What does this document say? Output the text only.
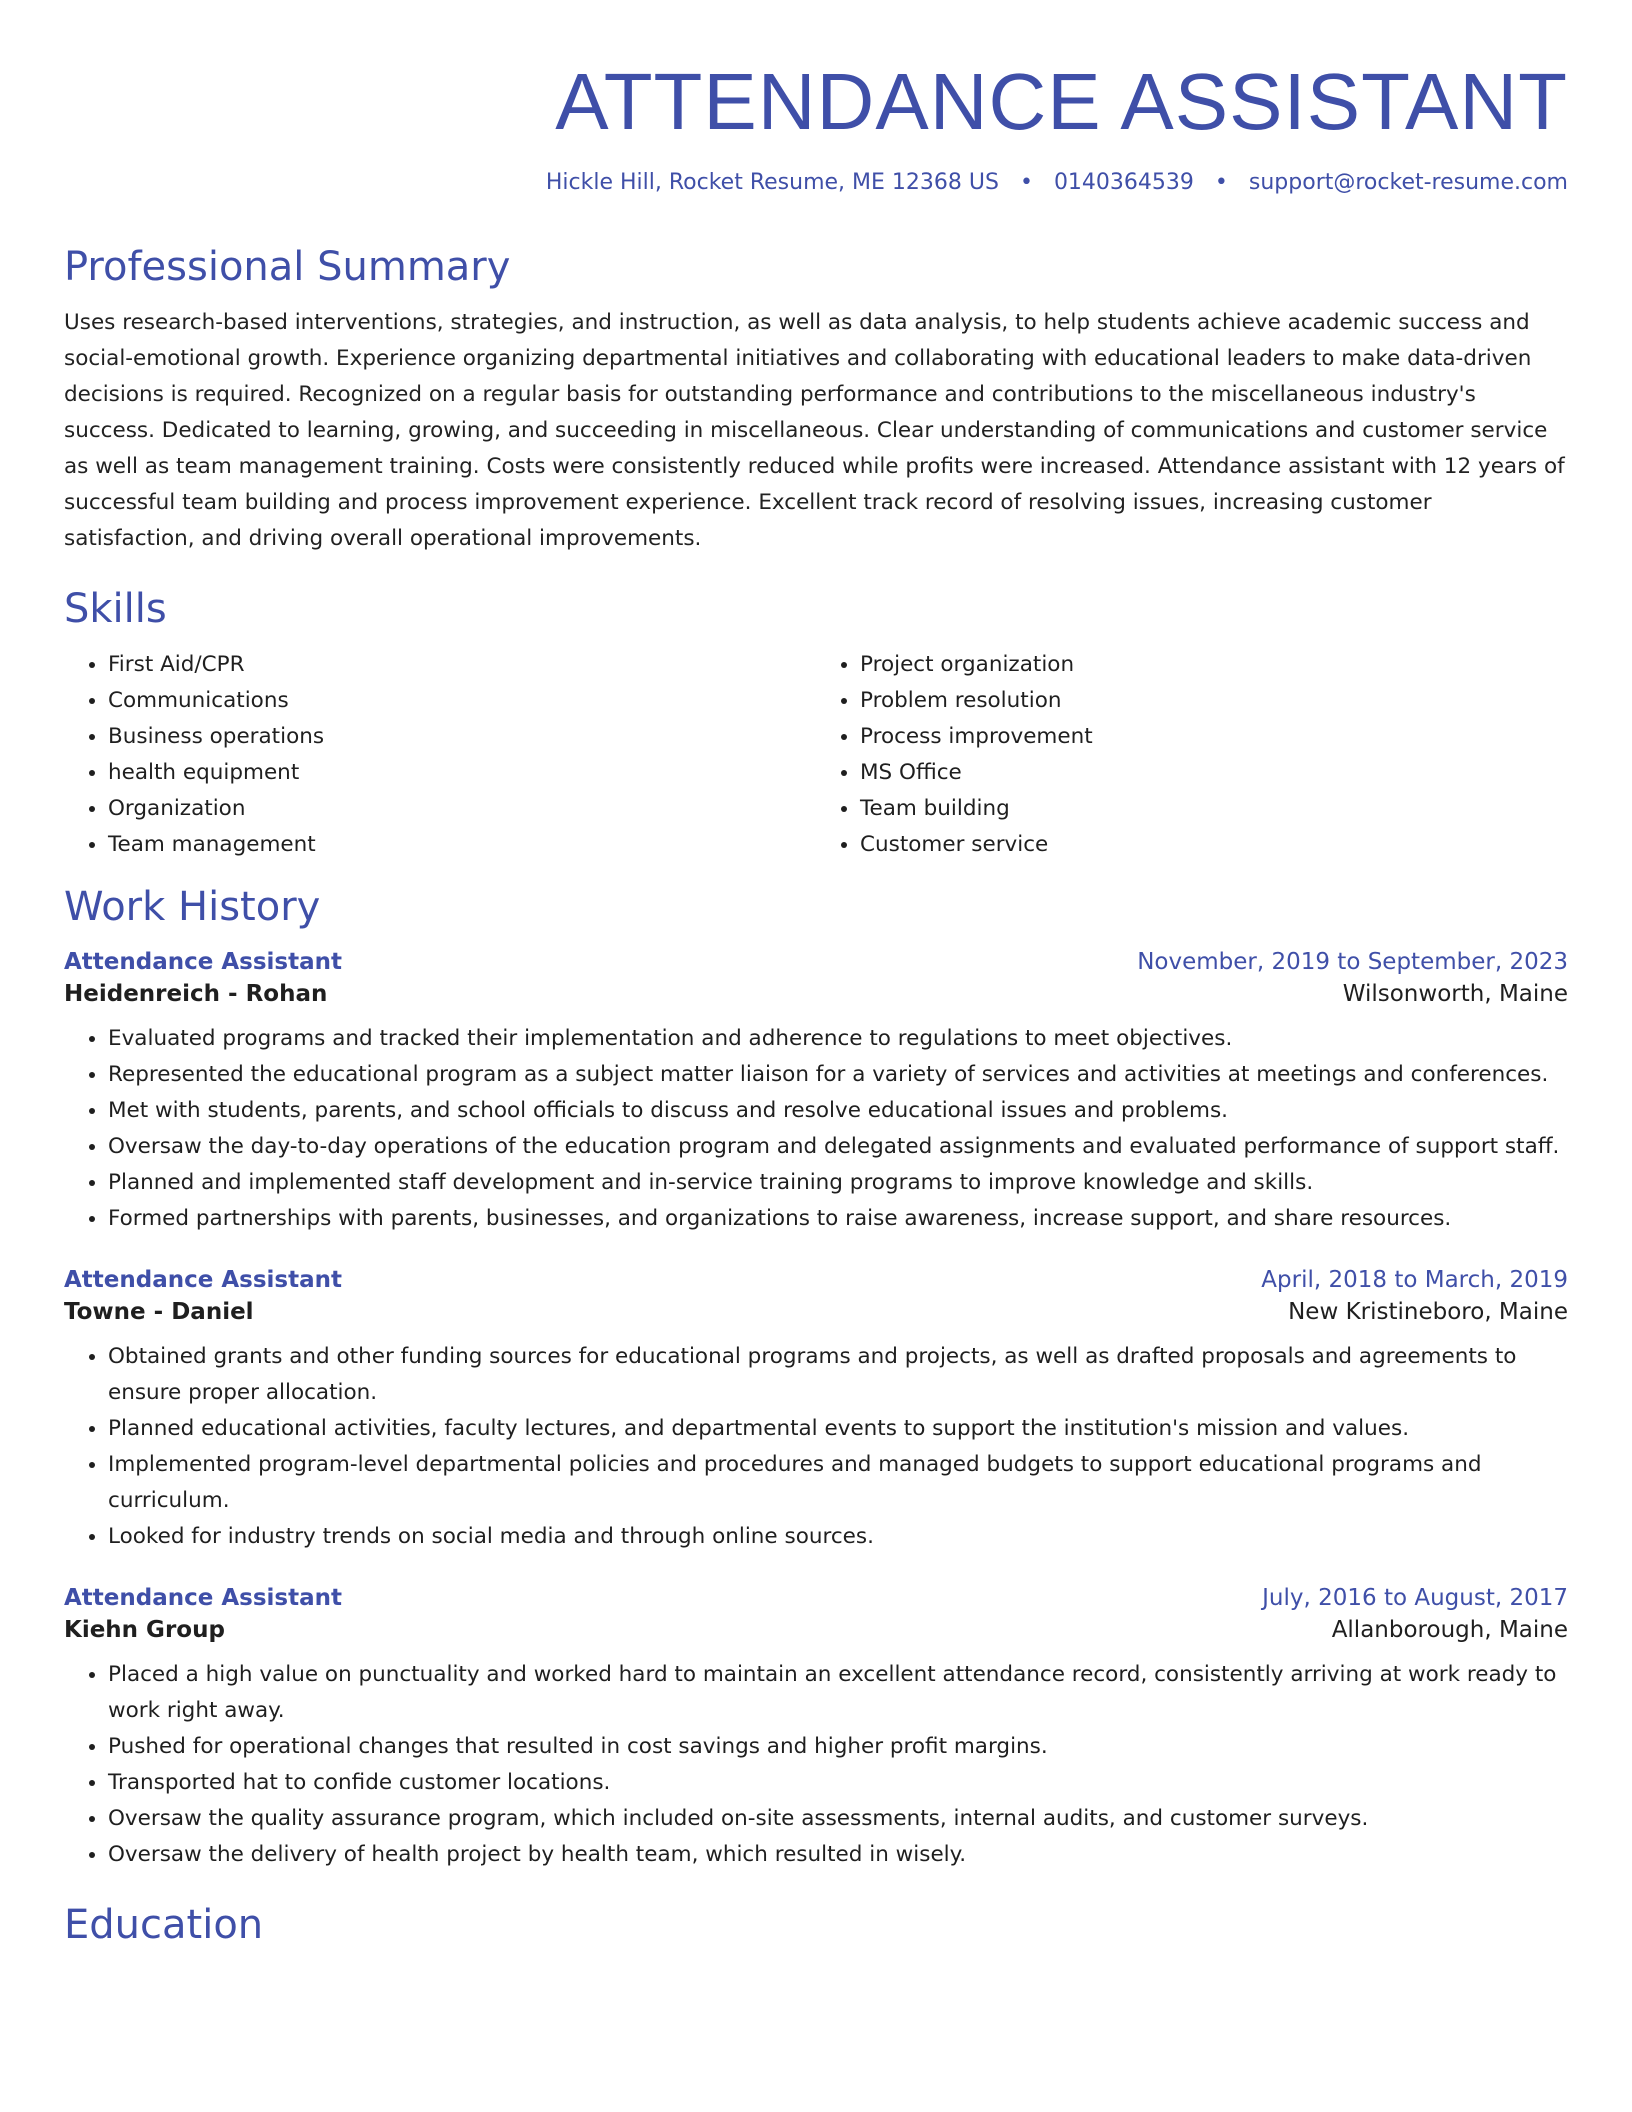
ATTENDANCE ASSISTANT
Hickle Hill, Rocket Resume, ME 12368 US • 0140364539 • support@rocket-resume.com
Professional Summary
Uses research-based interventions, strategies, and instruction, as well as data analysis, to help students achieve academic success and social-emotional growth. Experience organizing departmental initiatives and collaborating with educational leaders to make data-driven decisions is required. Recognized on a regular basis for outstanding performance and contributions to the miscellaneous industry's success. Dedicated to learning, growing, and succeeding in miscellaneous. Clear understanding of communications and customer service as well as team management training. Costs were consistently reduced while profits were increased. Attendance assistant with 12 years of successful team building and process improvement experience. Excellent track record of resolving issues, increasing customer satisfaction, and driving overall operational improvements.
Skills
• First Aid/CPR
• Communications
• Business operations
• health equipment
• Organization
• Team management
• Project organization
• Problem resolution
• Process improvement
• MS Office
• Team building
• Customer service
Work History
Attendance Assistant	November, 2019 to September, 2023
Heidenreich - Rohan	Wilsonworth, Maine
• Evaluated programs and tracked their implementation and adherence to regulations to meet objectives.
• Represented the educational program as a subject matter liaison for a variety of services and activities at meetings and conferences.
• Met with students, parents, and school officials to discuss and resolve educational issues and problems.
• Oversaw the day-to-day operations of the education program and delegated assignments and evaluated performance of support staff.
• Planned and implemented staff development and in-service training programs to improve knowledge and skills.
• Formed partnerships with parents, businesses, and organizations to raise awareness, increase support, and share resources.
Attendance Assistant	April, 2018 to March, 2019
Towne - Daniel	New Kristineboro, Maine
• Obtained grants and other funding sources for educational programs and projects, as well as drafted proposals and agreements to ensure proper allocation.
• Planned educational activities, faculty lectures, and departmental events to support the institution's mission and values.
• Implemented program-level departmental policies and procedures and managed budgets to support educational programs and curriculum.
• Looked for industry trends on social media and through online sources.
Attendance Assistant	July, 2016 to August, 2017
Kiehn Group	Allanborough, Maine
• Placed a high value on punctuality and worked hard to maintain an excellent attendance record, consistently arriving at work ready to work right away.
• Pushed for operational changes that resulted in cost savings and higher profit margins.
• Transported hat to confide customer locations.
• Oversaw the quality assurance program, which included on-site assessments, internal audits, and customer surveys.
• Oversaw the delivery of health project by health team, which resulted in wisely.
Education
